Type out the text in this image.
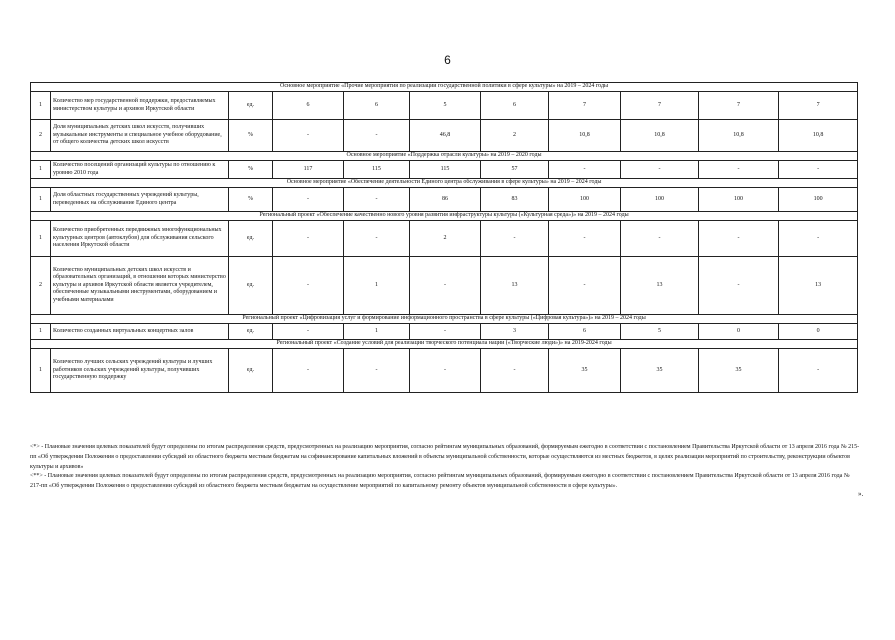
6
Основное мероприятие «Прочие мероприятия по реализации государственной политики в сфере культуры» на 2019 – 2024 годы										
1	Количество мер государственной поддержки, предоставляемых министерством культуры и архивов Иркутской области	ед.	6	6	5	6	7	7	7	7
2	Доля муниципальных детских школ искусств, получивших музыкальные инструменты и специальное учебное оборудование, от общего количества детских школ искусств	%	-	-	46,8	2	10,8	10,8	10,8	10,8
Основное мероприятие «Поддержка отрасли культуры» на 2019 – 2020 годы										
1	Количество посещений организаций культуры по отношению к уровню 2010 года	%	117	115	115	57	-	-	-	-
Основное мероприятие «Обеспечение деятельности Единого центра обслуживания в сфере культуры» на 2019 – 2024 годы										
1	Доля областных государственных учреждений культуры, переведенных на обслуживание Единого центра	%	-	-	86	83	100	100	100	100
Региональный проект «Обеспечение качественно нового уровня развития инфраструктуры культуры («Культурная среда»)» на 2019 – 2024 годы										
1	Количество приобретенных передвижных многофункциональных культурных центров (автоклубов) для обслуживания сельского населения Иркутской области	ед.	-	-	2	-	-	-	-	-
2	Количество муниципальных детских школ искусств и образовательных организаций, в отношении которых министерство культуры и архивов Иркутской области является учредителем, обеспеченные музыкальными инструментами, оборудованием и учебными материалами	ед.	-	1	-	13	-	13	-	13
Региональный проект «Цифровизация услуг и формирование информационного пространства в сфере культуры («Цифровая культура»)» на 2019 – 2024 годы										
1	Количество созданных виртуальных концертных залов	ед.	-	1	-	3	6	5	0	0
Региональный проект «Создание условий для реализации творческого потенциала нации («Творческие люди»)» на 2019-2024 годы										
1	Количество лучших сельских учреждений культуры и лучших работников сельских учреждений культуры, получивших государственную поддержку	ед.	-	-	-	-	35	35	35	-

<*> - Плановые значения целевых показателей будут определены по итогам распределения средств, предусмотренных на реализацию мероприятия, согласно рейтингам муниципальных образований, формируемым ежегодно в соответствии с постановлением Правительства Иркутской области от 13 апреля 2016 года № 215-пп «Об утверждении Положения о предоставлении субсидий из областного бюджета местным бюджетам на софинансирование капитальных вложений в объекты муниципальной собственности, которые осуществляются из местных бюджетов, в целях реализации мероприятий по строительству, реконструкции объектов культуры и архивов»

<**> - Плановые значения целевых показателей будут определены по итогам распределения средств, предусмотренных на реализацию мероприятия, согласно рейтингам муниципальных образований, формируемым ежегодно в соответствии с постановлением Правительства Иркутской области от 13 апреля 2016 года № 217-пп «Об утверждении Положения о предоставлении субсидий из областного бюджета местным бюджетам на осуществление мероприятий по капитальному ремонту объектов муниципальной собственности в сфере культуры».

».
